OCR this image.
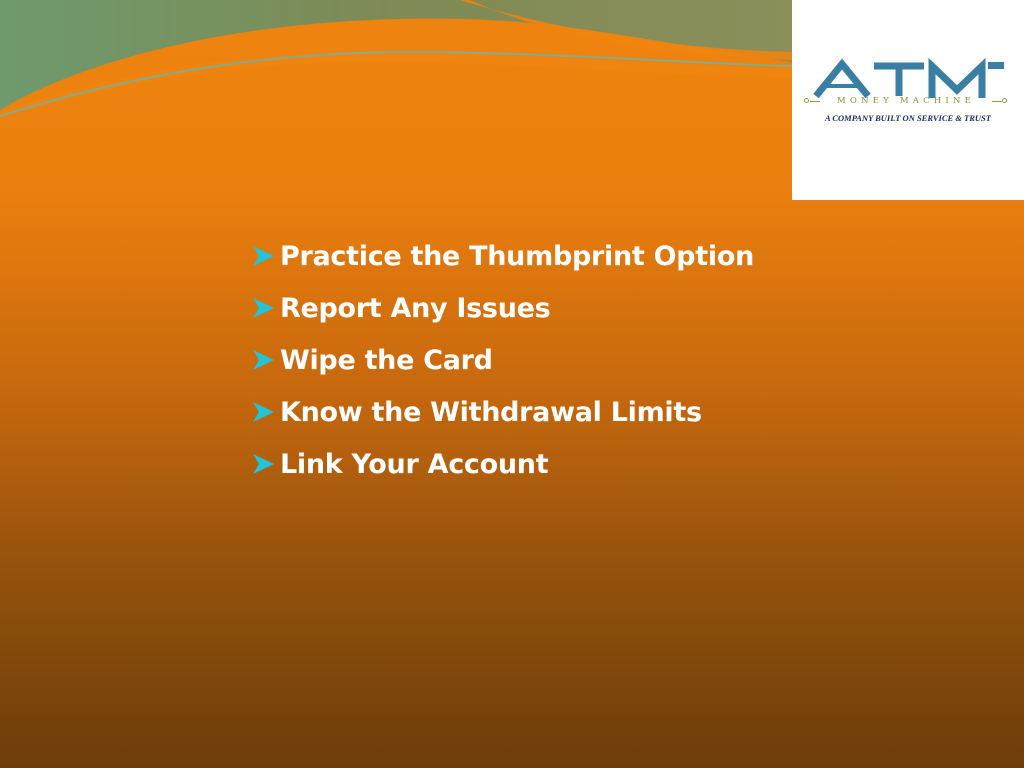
MONEY MACHINE
A COMPANY BUILT ON SERVICE & TRUST
Practice the Thumbprint Option
Report Any Issues
Wipe the Card
Know the Withdrawal Limits
Link Your Account
